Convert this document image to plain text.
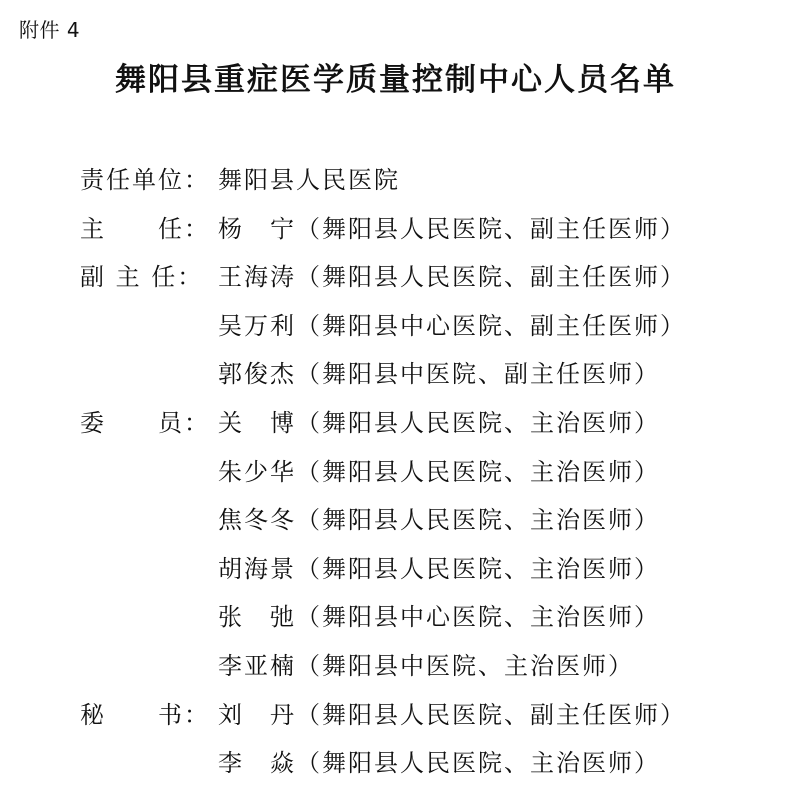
附件 4
舞阳县重症医学质量控制中心人员名单
责任单位： 舞阳县人民医院
主　　任： 杨　宁（舞阳县人民医院、副主任医师）
副 主 任： 王海涛（舞阳县人民医院、副主任医师）
吴万利（舞阳县中心医院、副主任医师）
郭俊杰（舞阳县中医院、副主任医师）
委　　员： 关　博（舞阳县人民医院、主治医师）
朱少华（舞阳县人民医院、主治医师）
焦冬冬（舞阳县人民医院、主治医师）
胡海景（舞阳县人民医院、主治医师）
张　弛（舞阳县中心医院、主治医师）
李亚楠（舞阳县中医院、主治医师）
秘　　书： 刘　丹（舞阳县人民医院、副主任医师）
李　焱（舞阳县人民医院、主治医师）
